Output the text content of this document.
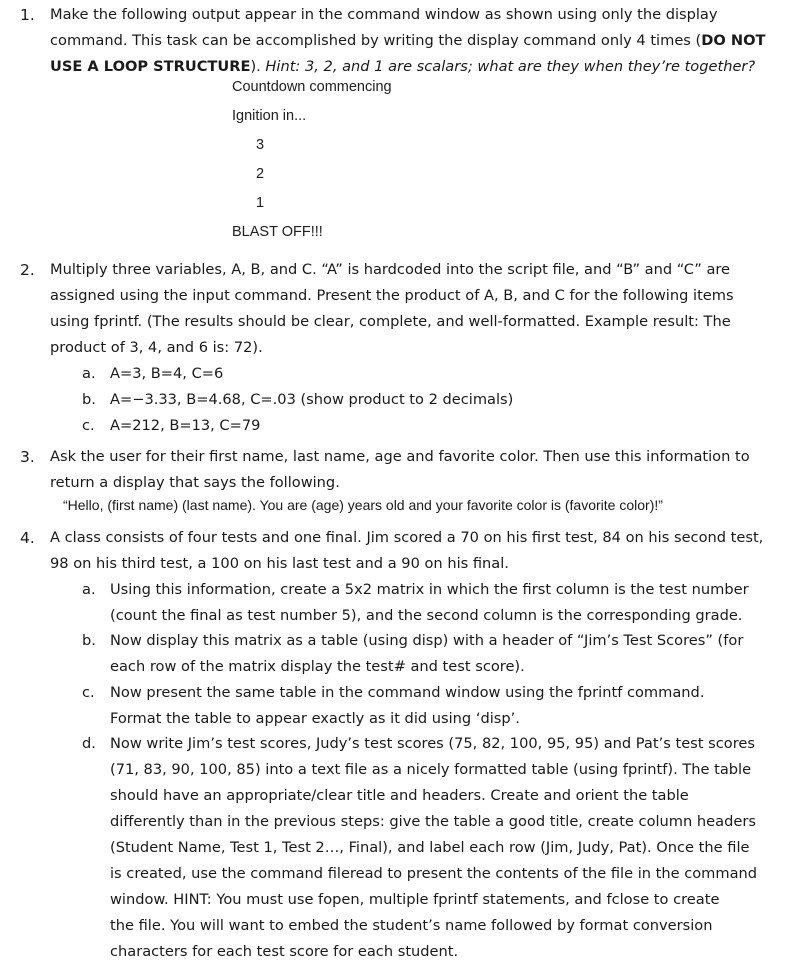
1. Make the following output appear in the command window as shown using only the display
command. This task can be accomplished by writing the display command only 4 times (DO NOT
USE A LOOP STRUCTURE). Hint: 3, 2, and 1 are scalars; what are they when they’re together?
Countdown commencing
Ignition in...
3
2
1
BLAST OFF!!!
2. Multiply three variables, A, B, and C. “A” is hardcoded into the script file, and “B” and “C” are
assigned using the input command. Present the product of A, B, and C for the following items
using fprintf. (The results should be clear, complete, and well-formatted. Example result: The
product of 3, 4, and 6 is: 72).
a. A=3, B=4, C=6
b. A=−3.33, B=4.68, C=.03 (show product to 2 decimals)
c. A=212, B=13, C=79
3. Ask the user for their first name, last name, age and favorite color. Then use this information to
return a display that says the following.
“Hello, (first name) (last name). You are (age) years old and your favorite color is (favorite color)!”
4. A class consists of four tests and one final. Jim scored a 70 on his first test, 84 on his second test,
98 on his third test, a 100 on his last test and a 90 on his final.
a. Using this information, create a 5x2 matrix in which the first column is the test number
(count the final as test number 5), and the second column is the corresponding grade.
b. Now display this matrix as a table (using disp) with a header of “Jim’s Test Scores” (for
each row of the matrix display the test# and test score).
c. Now present the same table in the command window using the fprintf command.
Format the table to appear exactly as it did using ‘disp’.
d. Now write Jim’s test scores, Judy’s test scores (75, 82, 100, 95, 95) and Pat’s test scores
(71, 83, 90, 100, 85) into a text file as a nicely formatted table (using fprintf). The table
should have an appropriate/clear title and headers. Create and orient the table
differently than in the previous steps: give the table a good title, create column headers
(Student Name, Test 1, Test 2…, Final), and label each row (Jim, Judy, Pat). Once the file
is created, use the command fileread to present the contents of the file in the command
window. HINT: You must use fopen, multiple fprintf statements, and fclose to create
the file. You will want to embed the student’s name followed by format conversion
characters for each test score for each student.
